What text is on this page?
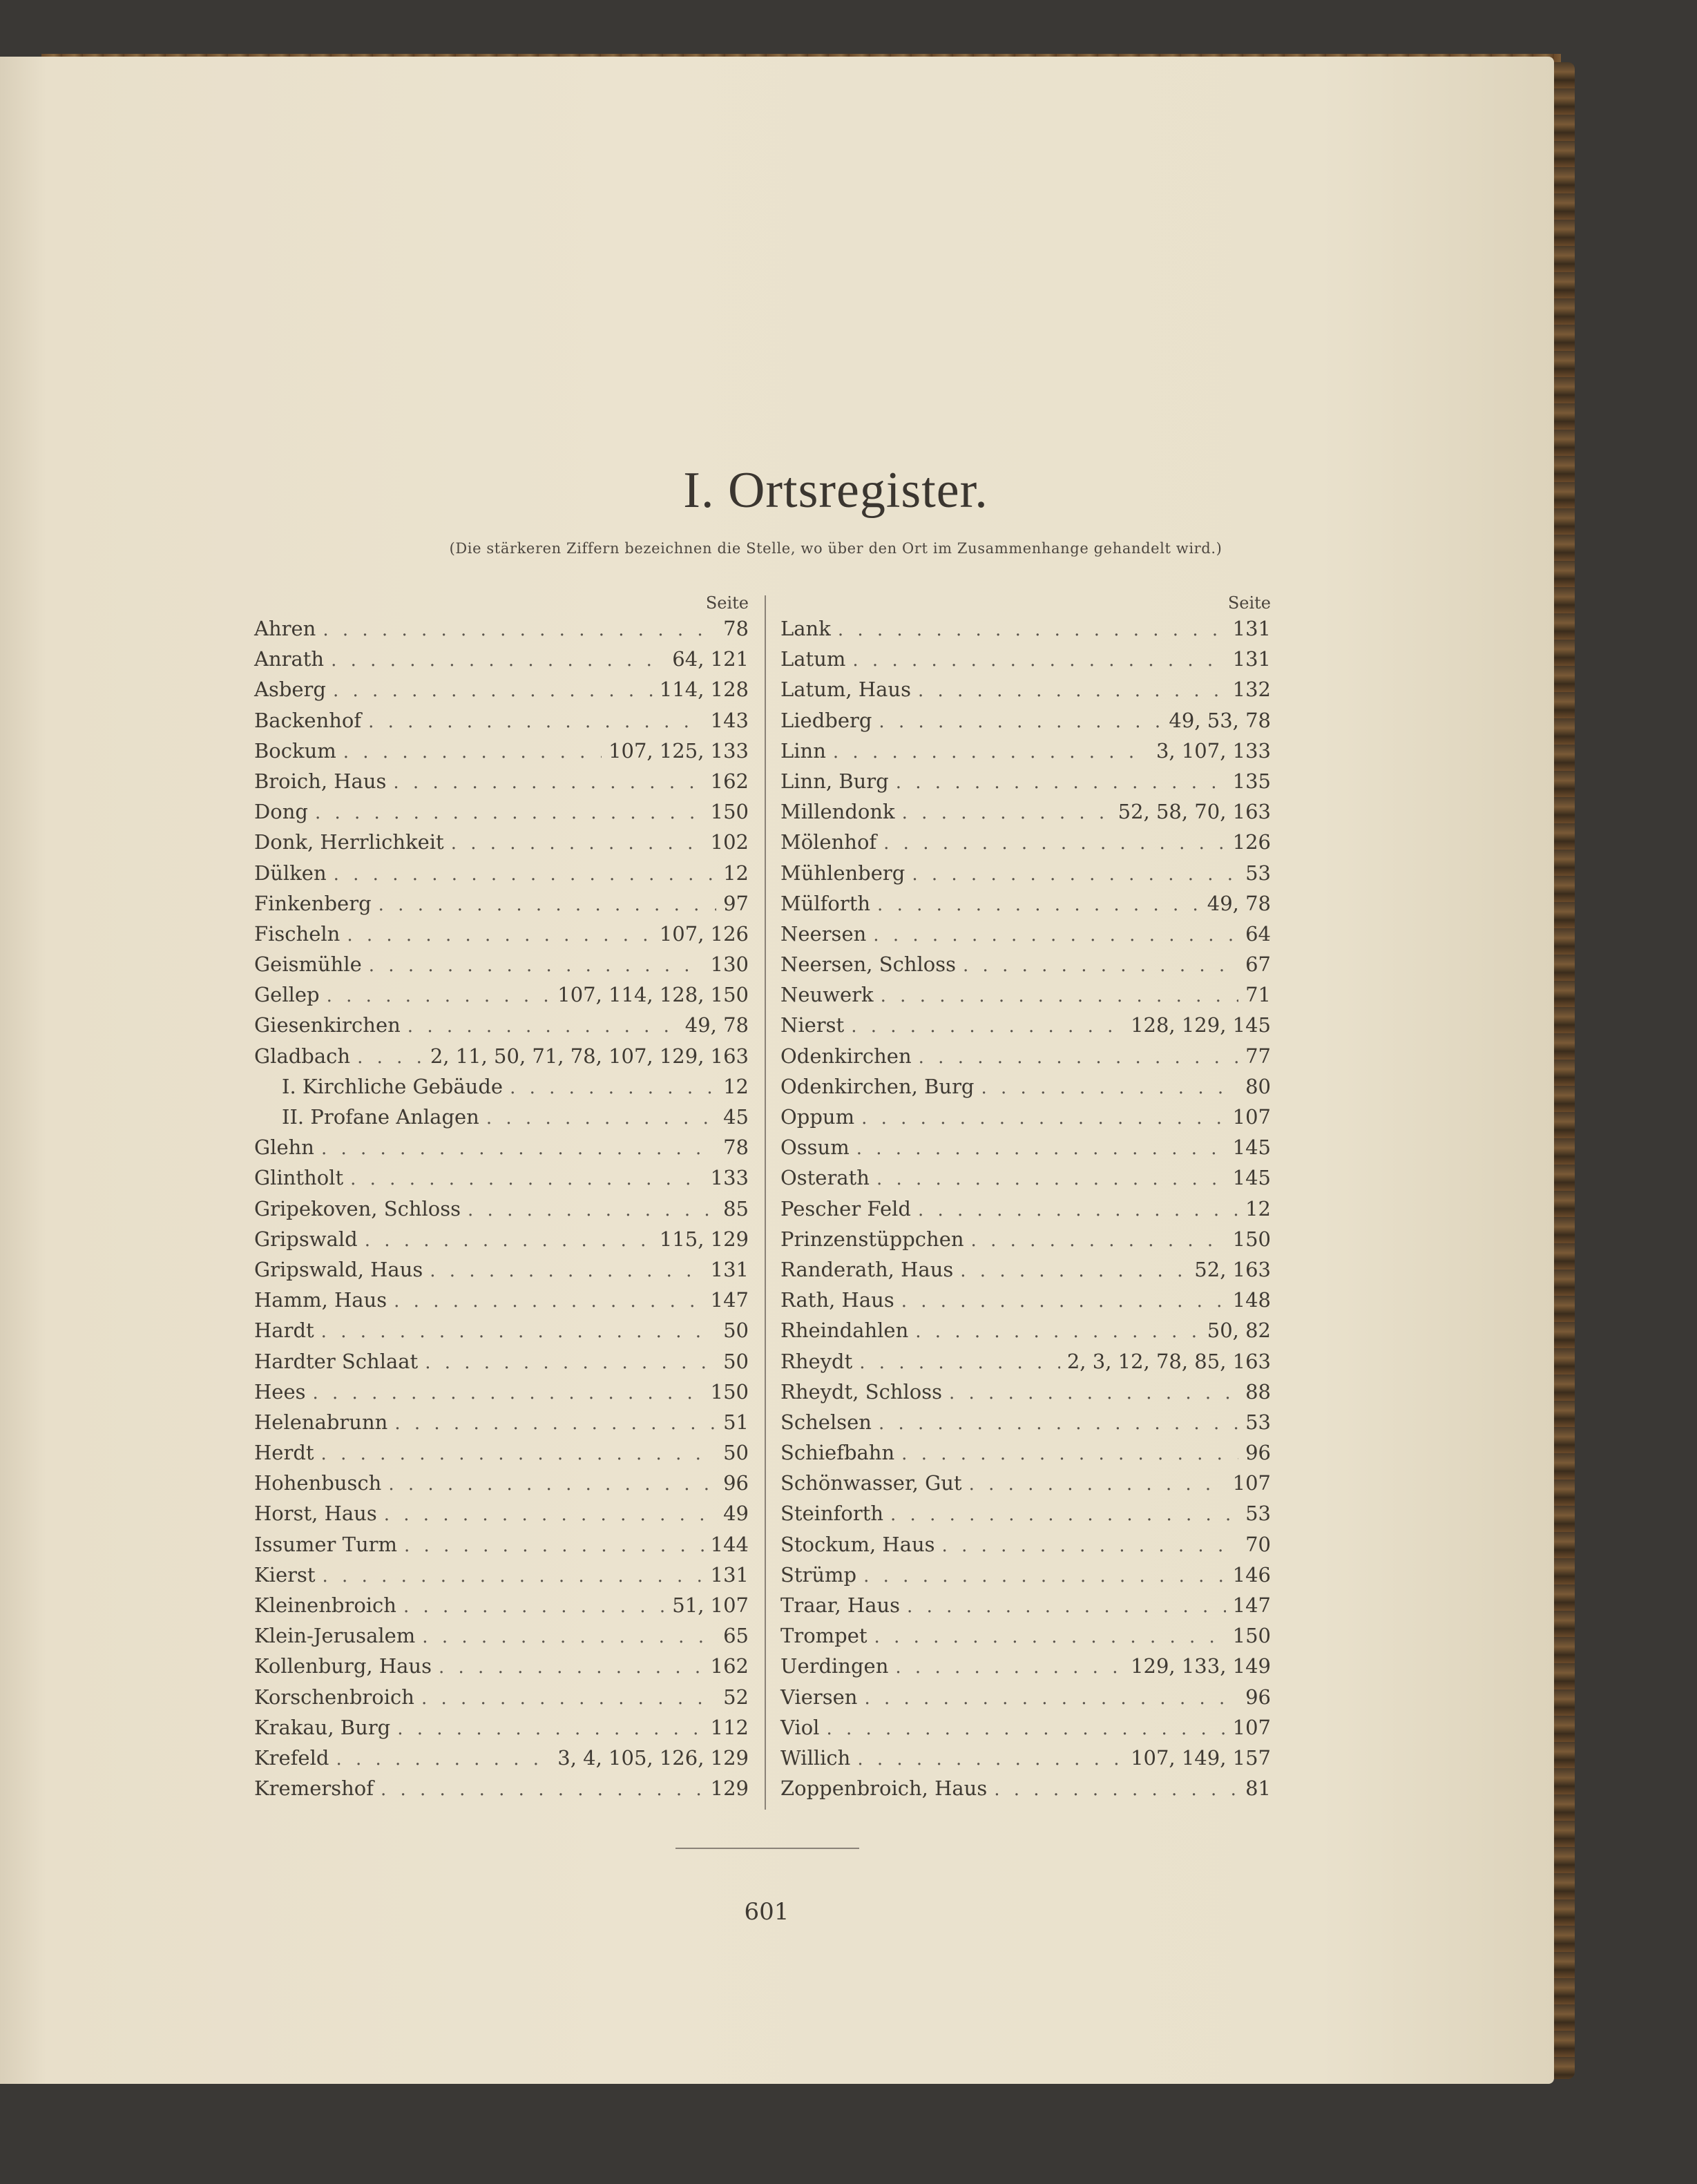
I. Ortsregister.
(Die stärkeren Ziffern bezeichnen die Stelle, wo über den Ort im Zusammenhange gehandelt wird.)
Seite
Ahren . . .	78
Anrath . . .	64, 121
Asberg . . .	114, 128
Backenhof . . .	143
Bockum . . .	107, 125, 133
Broich, Haus . . .	162
Dong . . .	150
Donk, Herrlichkeit . . .	102
Dülken . . .	12
Finkenberg . . .	97
Fischeln . . .	107, 126
Geismühle . . .	130
Gellep . . .	107, 114, 128, 150
Giesenkirchen . . .	49, 78
Gladbach . . .	2, 11, 50, 71, 78, 107, 129, 163
I. Kirchliche Gebäude . . .	12
II. Profane Anlagen . . .	45
Glehn . . .	78
Glintholt . . .	133
Gripekoven, Schloss . . .	85
Gripswald . . .	115, 129
Gripswald, Haus . . .	131
Hamm, Haus . . .	147
Hardt . . .	50
Hardter Schlaat . . .	50
Hees . . .	150
Helenabrunn . . .	51
Herdt . . .	50
Hohenbusch . . .	96
Horst, Haus . . .	49
Issumer Turm . . .	144
Kierst . . .	131
Kleinenbroich . . .	51, 107
Klein-Jerusalem . . .	65
Kollenburg, Haus . . .	162
Korschenbroich . . .	52
Krakau, Burg . . .	112
Krefeld . . .	3, 4, 105, 126, 129
Kremershof . . .	129
Seite
Lank . . .	131
Latum . . .	131
Latum, Haus . . .	132
Liedberg . . .	49, 53, 78
Linn . . .	3, 107, 133
Linn, Burg . . .	135
Millendonk . . .	52, 58, 70, 163
Mölenhof . . .	126
Mühlenberg . . .	53
Mülforth . . .	49, 78
Neersen . . .	64
Neersen, Schloss . . .	67
Neuwerk . . .	71
Nierst . . .	128, 129, 145
Odenkirchen . . .	77
Odenkirchen, Burg . . .	80
Oppum . . .	107
Ossum . . .	145
Osterath . . .	145
Pescher Feld . . .	12
Prinzenstüppchen . . .	150
Randerath, Haus . . .	52, 163
Rath, Haus . . .	148
Rheindahlen . . .	50, 82
Rheydt . . .	2, 3, 12, 78, 85, 163
Rheydt, Schloss . . .	88
Schelsen . . .	53
Schiefbahn . . .	96
Schönwasser, Gut . . .	107
Steinforth . . .	53
Stockum, Haus . . .	70
Strümp . . .	146
Traar, Haus . . .	147
Trompet . . .	150
Uerdingen . . .	129, 133, 149
Viersen . . .	96
Viol . . .	107
Willich . . .	107, 149, 157
Zoppenbroich, Haus . . .	81
601
